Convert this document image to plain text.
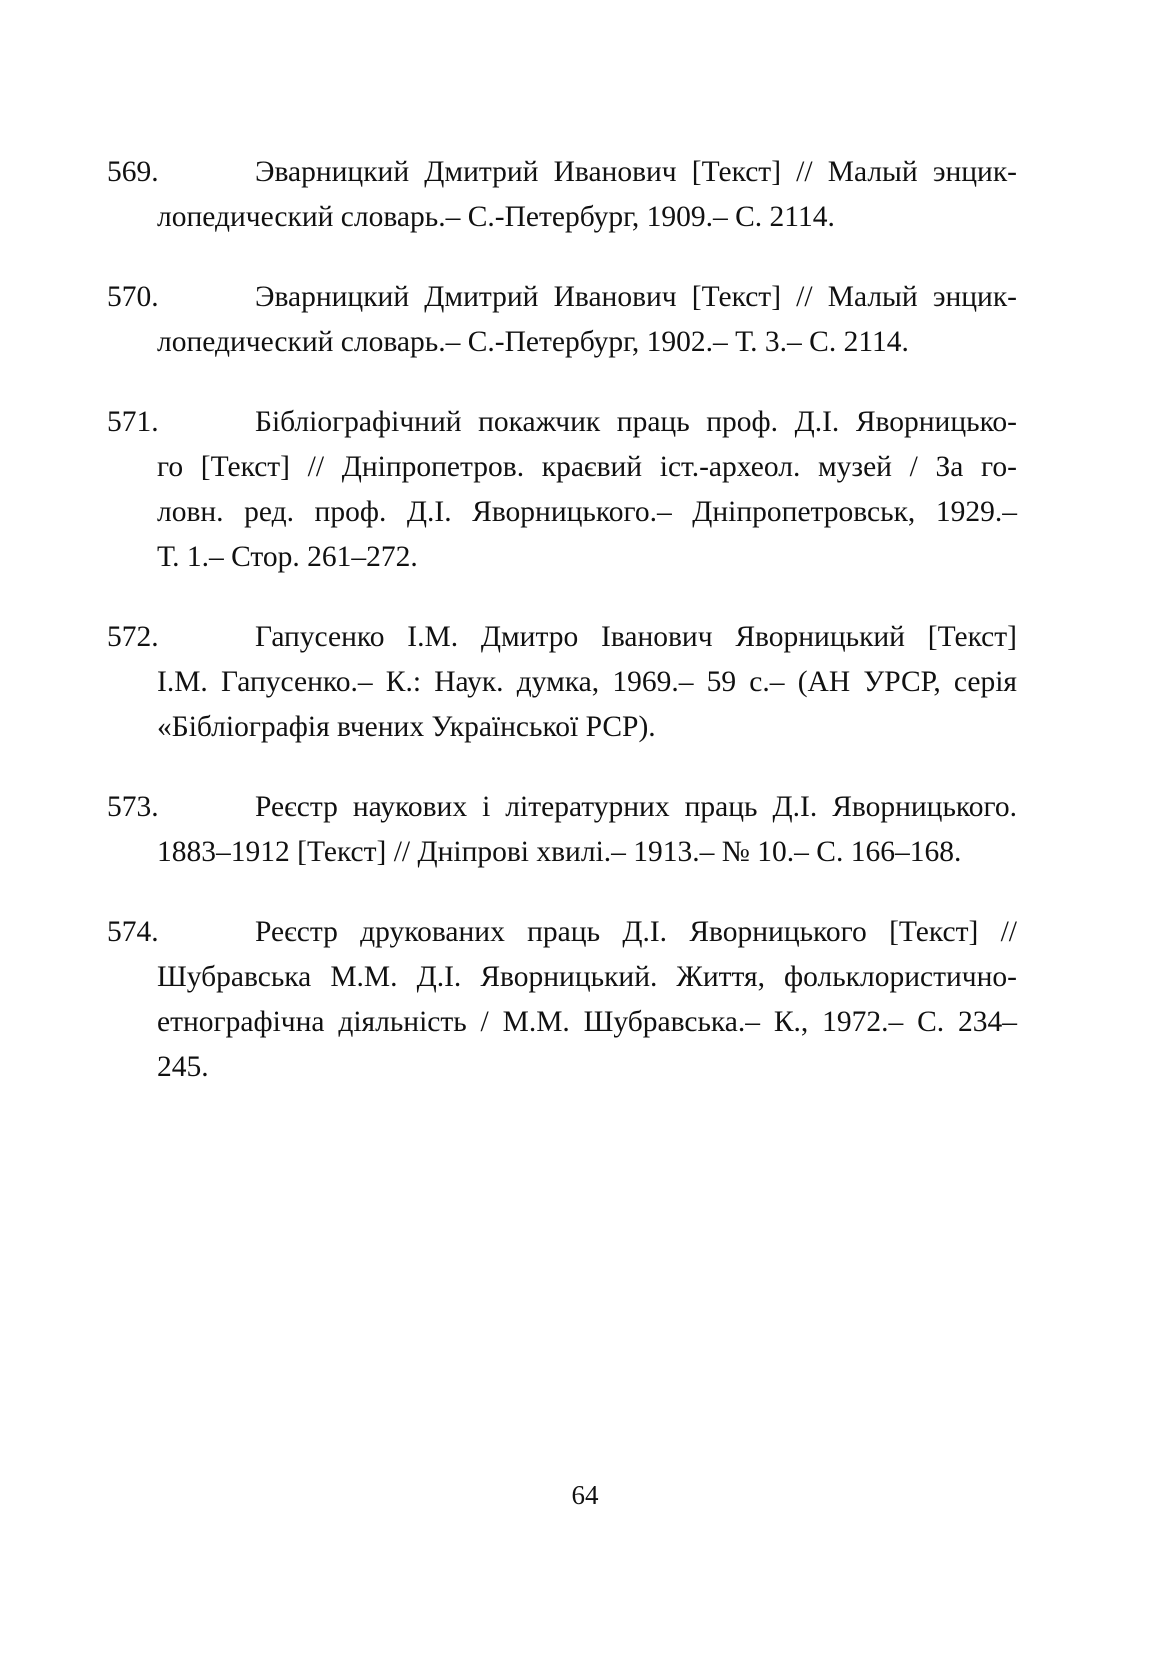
569.	Эварницкий Дмитрий Иванович [Текст] // Малый энцик-
лопедический словарь.– С.-Петербург, 1909.– С. 2114.
570.	Эварницкий Дмитрий Иванович [Текст] // Малый энцик-
лопедический словарь.– С.-Петербург, 1902.– Т. 3.– С. 2114.
571.	Бібліографічний покажчик праць проф. Д.І. Яворницько-
го [Текст] // Дніпропетров. краєвий іст.-археол. музей / За го-
ловн. ред. проф. Д.І. Яворницького.– Дніпропетровськ, 1929.–
Т. 1.– Стор. 261–272.
572.	Гапусенко І.М. Дмитро Іванович Яворницький [Текст]
І.М. Гапусенко.– К.: Наук. думка, 1969.– 59 с.– (АН УРСР, серія
«Бібліографія вчених Української РСР).
573.	Реєстр наукових і літературних праць Д.І. Яворницького.
1883–1912 [Текст] // Дніпрові хвилі.– 1913.– № 10.– С. 166–168.
574.	Реєстр друкованих праць Д.І. Яворницького [Текст] //
Шубравська М.М. Д.І. Яворницький. Життя, фольклористично-
етнографічна діяльність / М.М. Шубравська.– К., 1972.– С. 234–
245.
64
